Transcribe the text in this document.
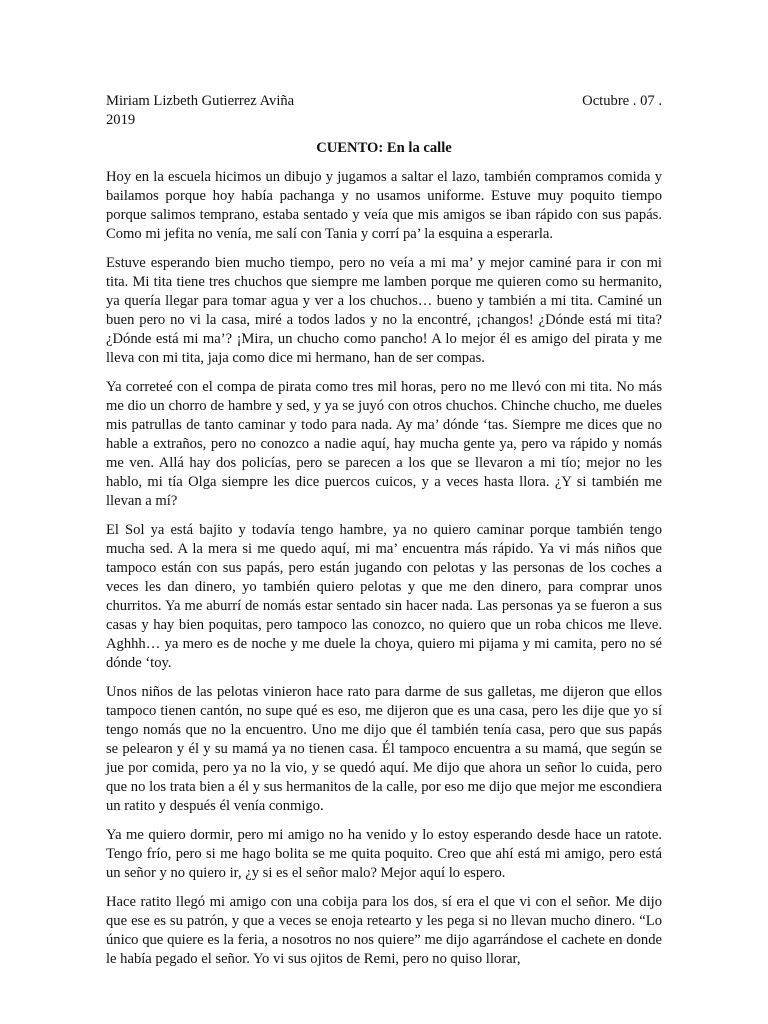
Miriam Lizbeth Gutierrez Aviña	Octubre . 07 .
2019
CUENTO: En la calle

Hoy en la escuela hicimos un dibujo y jugamos a saltar el lazo, también compramos comida y bailamos porque hoy había pachanga y no usamos uniforme. Estuve muy poquito tiempo porque salimos temprano, estaba sentado y veía que mis amigos se iban rápido con sus papás. Como mi jefita no venía, me salí con Tania y corrí pa’ la esquina a esperarla.

Estuve esperando bien mucho tiempo, pero no veía a mi ma’ y mejor caminé para ir con mi tita. Mi tita tiene tres chuchos que siempre me lamben porque me quieren como su hermanito, ya quería llegar para tomar agua y ver a los chuchos… bueno y también a mi tita. Caminé un buen pero no vi la casa, miré a todos lados y no la encontré, ¡changos! ¿Dónde está mi tita? ¿Dónde está mi ma’? ¡Mira, un chucho como pancho! A lo mejor él es amigo del pirata y me lleva con mi tita, jaja como dice mi hermano, han de ser compas.

Ya correteé con el compa de pirata como tres mil horas, pero no me llevó con mi tita. No más me dio un chorro de hambre y sed, y ya se juyó con otros chuchos. Chinche chucho, me dueles mis patrullas de tanto caminar y todo para nada. Ay ma’ dónde ‘tas. Siempre me dices que no hable a extraños, pero no conozco a nadie aquí, hay mucha gente ya, pero va rápido y nomás me ven. Allá hay dos policías, pero se parecen a los que se llevaron a mi tío; mejor no les hablo, mi tía Olga siempre les dice puercos cuicos, y a veces hasta llora. ¿Y si también me llevan a mí?

El Sol ya está bajito y todavía tengo hambre, ya no quiero caminar porque también tengo mucha sed. A la mera si me quedo aquí, mi ma’ encuentra más rápido. Ya vi más niños que tampoco están con sus papás, pero están jugando con pelotas y las personas de los coches a veces les dan dinero, yo también quiero pelotas y que me den dinero, para comprar unos churritos. Ya me aburrí de nomás estar sentado sin hacer nada. Las personas ya se fueron a sus casas y hay bien poquitas, pero tampoco las conozco, no quiero que un roba chicos me lleve. Aghhh… ya mero es de noche y me duele la choya, quiero mi pijama y mi camita, pero no sé dónde ‘toy.

Unos niños de las pelotas vinieron hace rato para darme de sus galletas, me dijeron que ellos tampoco tienen cantón, no supe qué es eso, me dijeron que es una casa, pero les dije que yo sí tengo nomás que no la encuentro. Uno me dijo que él también tenía casa, pero que sus papás se pelearon y él y su mamá ya no tienen casa. Él tampoco encuentra a su mamá, que según se jue por comida, pero ya no la vio, y se quedó aquí. Me dijo que ahora un señor lo cuida, pero que no los trata bien a él y sus hermanitos de la calle, por eso me dijo que mejor me escondiera un ratito y después él venía conmigo.

Ya me quiero dormir, pero mi amigo no ha venido y lo estoy esperando desde hace un ratote. Tengo frío, pero si me hago bolita se me quita poquito. Creo que ahí está mi amigo, pero está un señor y no quiero ir, ¿y si es el señor malo? Mejor aquí lo espero.

Hace ratito llegó mi amigo con una cobija para los dos, sí era el que vi con el señor. Me dijo que ese es su patrón, y que a veces se enoja retearto y les pega si no llevan mucho dinero. “Lo único que quiere es la feria, a nosotros no nos quiere” me dijo agarrándose el cachete en donde le había pegado el señor. Yo vi sus ojitos de Remi, pero no quiso llorar,
